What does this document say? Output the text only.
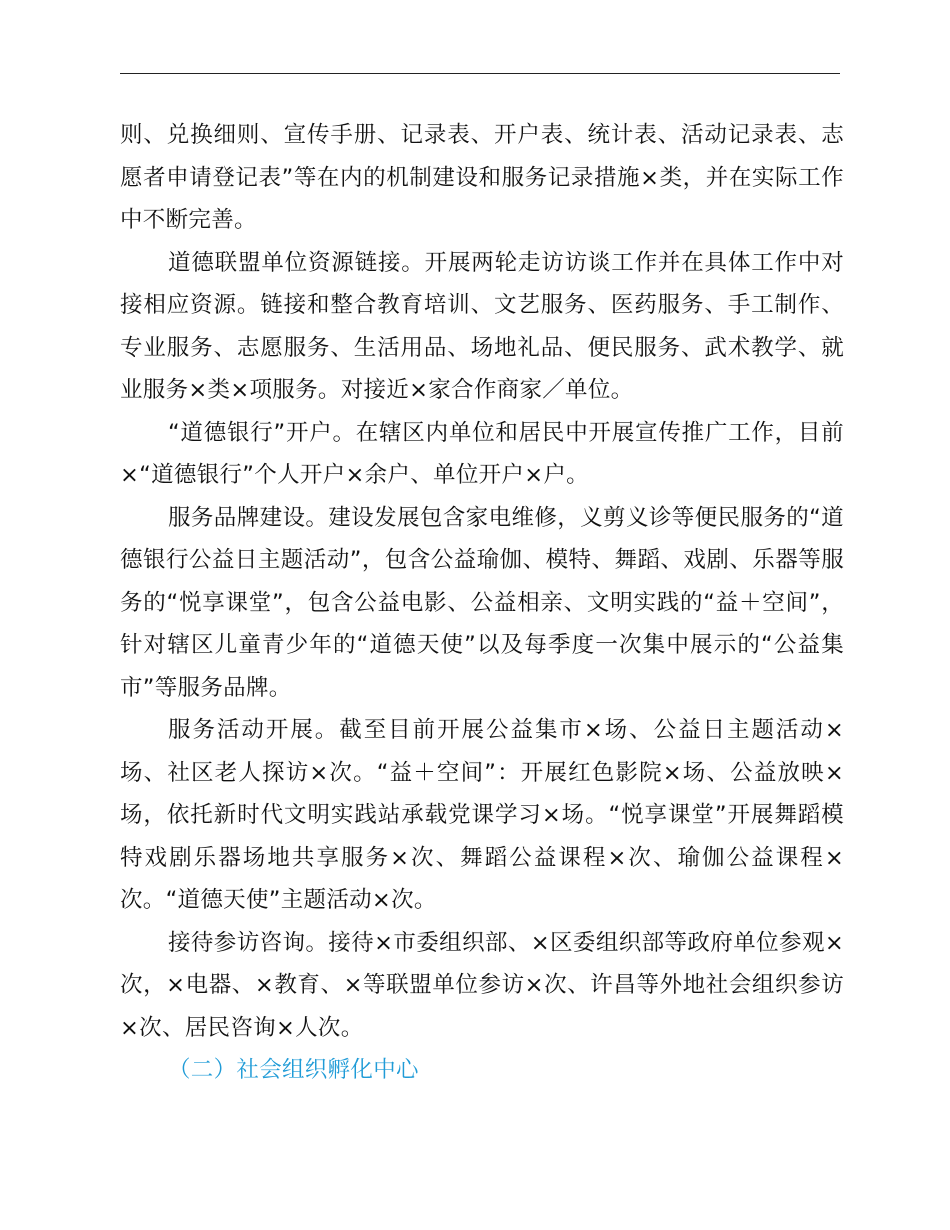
则、兑换细则、宣传手册、记录表、开户表、统计表、活动记录表、志愿者申请登记表”等在内的机制建设和服务记录措施×类，并在实际工作中不断完善。

道德联盟单位资源链接。开展两轮走访访谈工作并在具体工作中对接相应资源。链接和整合教育培训、文艺服务、医药服务、手工制作、专业服务、志愿服务、生活用品、场地礼品、便民服务、武术教学、就业服务×类×项服务。对接近×家合作商家／单位。

“道德银行”开户。在辖区内单位和居民中开展宣传推广工作，目前×“道德银行”个人开户×余户、单位开户×户。

服务品牌建设。建设发展包含家电维修，义剪义诊等便民服务的“道德银行公益日主题活动”，包含公益瑜伽、模特、舞蹈、戏剧、乐器等服务的“悦享课堂”，包含公益电影、公益相亲、文明实践的“益＋空间”，针对辖区儿童青少年的“道德天使”以及每季度一次集中展示的“公益集市”等服务品牌。

服务活动开展。截至目前开展公益集市×场、公益日主题活动×场、社区老人探访×次。“益＋空间”：开展红色影院×场、公益放映×场，依托新时代文明实践站承载党课学习×场。“悦享课堂”开展舞蹈模特戏剧乐器场地共享服务×次、舞蹈公益课程×次、瑜伽公益课程×次。“道德天使”主题活动×次。

接待参访咨询。接待×市委组织部、×区委组织部等政府单位参观×次，×电器、×教育、×等联盟单位参访×次、许昌等外地社会组织参访×次、居民咨询×人次。

（二）社会组织孵化中心
